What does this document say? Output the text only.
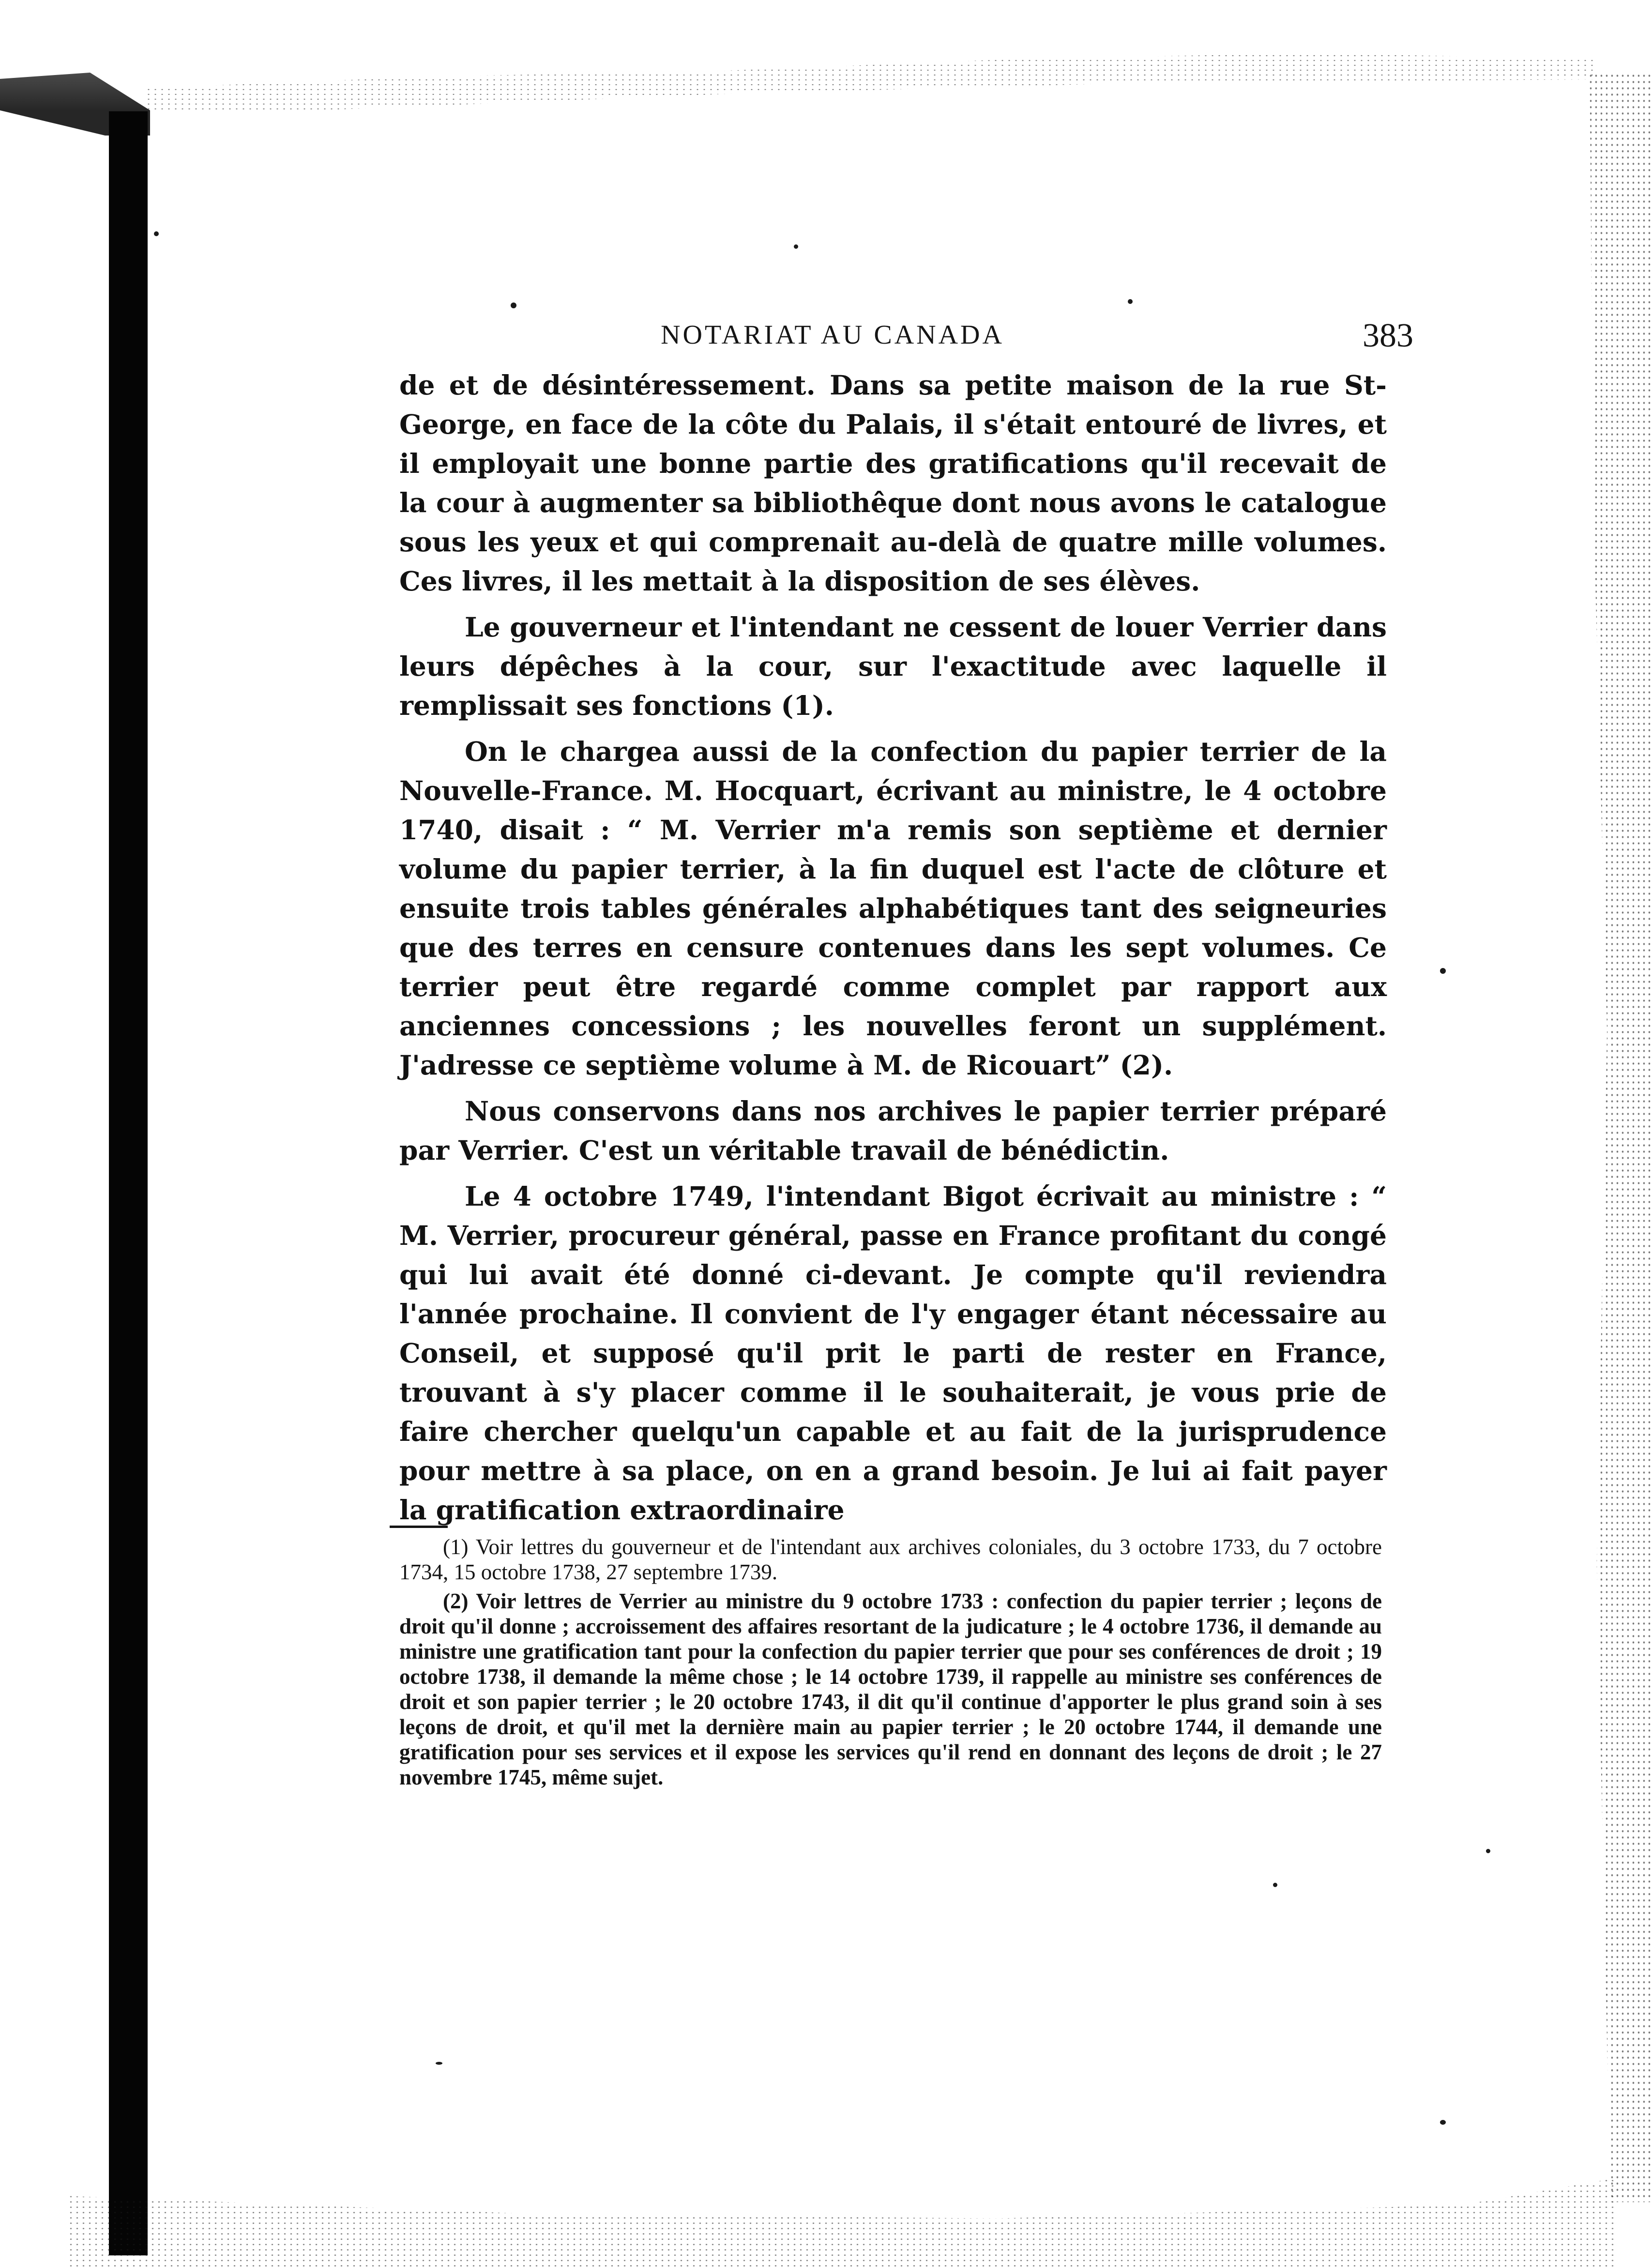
NOTARIAT AU CANADA	383

de et de désintéressement. Dans sa petite maison de la rue St-George, en face de la côte du Palais, il s'était entouré de livres, et il employait une bonne partie des gratifications qu'il recevait de la cour à augmenter sa bibliothêque dont nous avons le catalogue sous les yeux et qui comprenait au-delà de quatre mille volumes. Ces livres, il les mettait à la disposition de ses élèves.

Le gouverneur et l'intendant ne cessent de louer Verrier dans leurs dépêches à la cour, sur l'exactitude avec laquelle il remplissait ses fonctions (1).

On le chargea aussi de la confection du papier terrier de la Nouvelle-France. M. Hocquart, écrivant au ministre, le 4 octobre 1740, disait : “ M. Verrier m'a remis son septième et dernier volume du papier terrier, à la fin duquel est l'acte de clôture et ensuite trois tables générales alphabétiques tant des seigneuries que des terres en censure contenues dans les sept volumes. Ce terrier peut être regardé comme complet par rapport aux anciennes concessions ; les nouvelles feront un supplément. J'adresse ce septième volume à M. de Ricouart” (2).

Nous conservons dans nos archives le papier terrier préparé par Verrier. C'est un véritable travail de bénédictin.

Le 4 octobre 1749, l'intendant Bigot écrivait au ministre : “ M. Verrier, procureur général, passe en France profitant du congé qui lui avait été donné ci-devant. Je compte qu'il reviendra l'année prochaine. Il convient de l'y engager étant nécessaire au Conseil, et supposé qu'il prit le parti de rester en France, trouvant à s'y placer comme il le souhaiterait, je vous prie de faire chercher quelqu'un capable et au fait de la jurisprudence pour mettre à sa place, on en a grand besoin. Je lui ai fait payer la gratification extraordinaire

(1) Voir lettres du gouverneur et de l'intendant aux archives coloniales, du 3 octobre 1733, du 7 octobre 1734, 15 octobre 1738, 27 septembre 1739.

(2) Voir lettres de Verrier au ministre du 9 octobre 1733 : confection du papier terrier ; leçons de droit qu'il donne ; accroissement des affaires resortant de la judicature ; le 4 octobre 1736, il demande au ministre une gratification tant pour la confection du papier terrier que pour ses conférences de droit ; 19 octobre 1738, il demande la même chose ; le 14 octobre 1739, il rappelle au ministre ses conférences de droit et son papier terrier ; le 20 octobre 1743, il dit qu'il continue d'apporter le plus grand soin à ses leçons de droit, et qu'il met la dernière main au papier terrier ; le 20 octobre 1744, il demande une gratification pour ses services et il expose les services qu'il rend en donnant des leçons de droit ; le 27 novembre 1745, même sujet.
